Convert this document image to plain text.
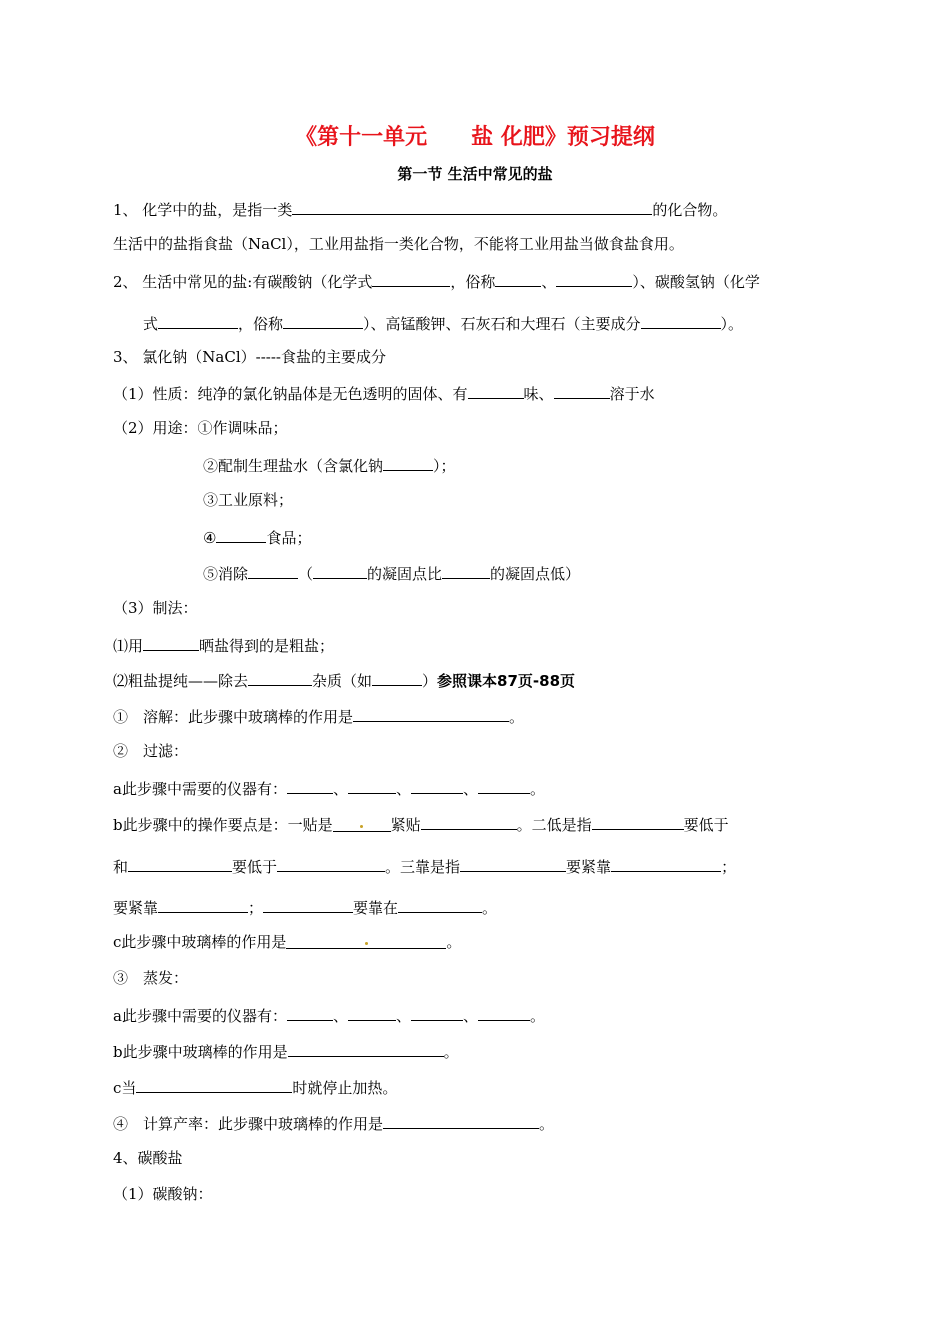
《第十一单元　　盐 化肥》预习提纲
第一节 生活中常见的盐
1、 化学中的盐，是指一类	的化合物。
生活中的盐指食盐（NaCl），工业用盐指一类化合物，不能将工业用盐当做食盐食用。
2、 生活中常见的盐:有碳酸钠（化学式	，俗称	、	）、碳酸氢钠（化学
式	，俗称	）、高锰酸钾、石灰石和大理石（主要成分	）。
3、 氯化钠（NaCl）-----食盐的主要成分
（1）性质：纯净的氯化钠晶体是无色透明的固体、有	味、	溶于水
（2）用途：①作调味品；
②配制生理盐水（含氯化钠	）；
③工业原料；
④	食品；
⑤消除	（	的凝固点比	的凝固点低）
（3）制法：
⑴用	晒盐得到的是粗盐；
⑵粗盐提纯——除去	杂质（如	）参照课本87页-88页
①　溶解：此步骤中玻璃棒的作用是	。
②　过滤：
a此步骤中需要的仪器有：	、	、	、	。
b此步骤中的操作要点是：一贴是	紧贴	。二低是指	要低于
和	要低于	。三靠是指	要紧靠	；
要紧靠	；	要靠在	。
c此步骤中玻璃棒的作用是	。
③　蒸发：
a此步骤中需要的仪器有：	、	、	、	。
b此步骤中玻璃棒的作用是	。
c当	时就停止加热。
④　计算产率：此步骤中玻璃棒的作用是	。
4、碳酸盐
（1）碳酸钠：
